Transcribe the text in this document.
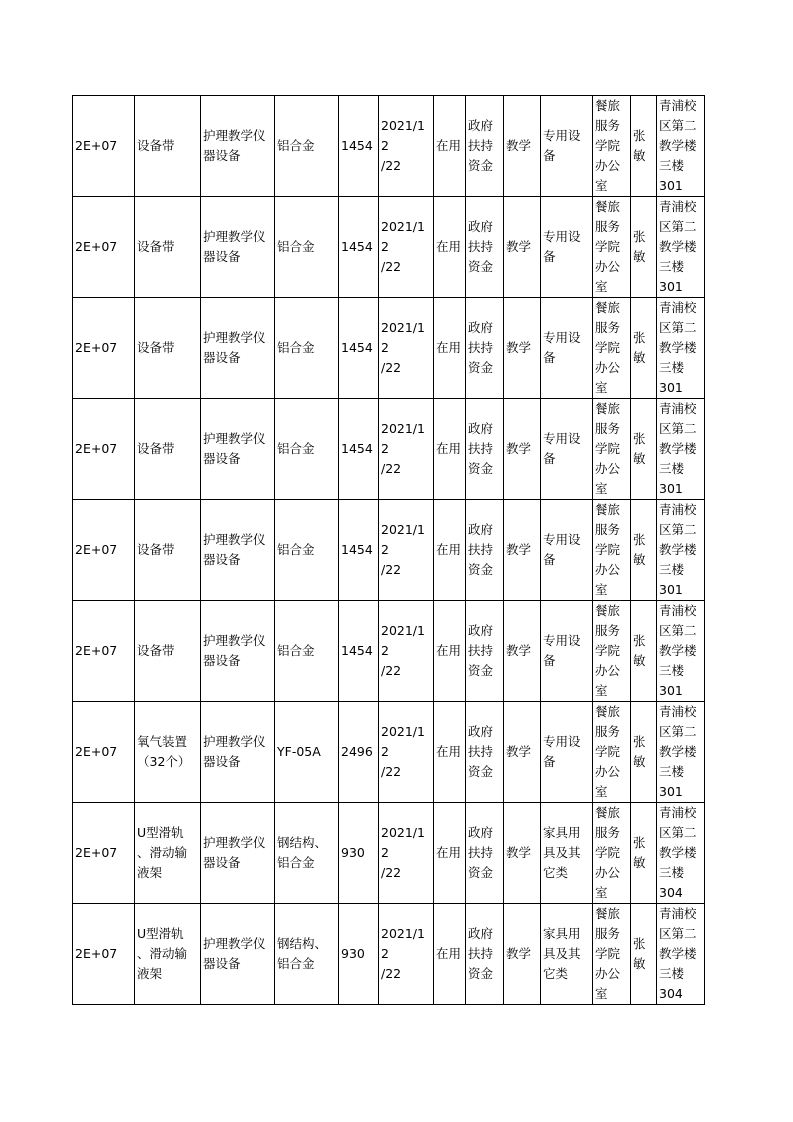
2E+07	设备带	护理教学仪
器设备	铝合金	1454	2021/12
/22	在用	政府
扶持
资金	教学	专用设
备	餐旅
服务
学院
办公
室	张
敏	青浦校
区第二
教学楼
三楼
301

2E+07	设备带	护理教学仪
器设备	铝合金	1454	2021/12
/22	在用	政府
扶持
资金	教学	专用设
备	餐旅
服务
学院
办公
室	张
敏	青浦校
区第二
教学楼
三楼
301

2E+07	设备带	护理教学仪
器设备	铝合金	1454	2021/12
/22	在用	政府
扶持
资金	教学	专用设
备	餐旅
服务
学院
办公
室	张
敏	青浦校
区第二
教学楼
三楼
301

2E+07	设备带	护理教学仪
器设备	铝合金	1454	2021/12
/22	在用	政府
扶持
资金	教学	专用设
备	餐旅
服务
学院
办公
室	张
敏	青浦校
区第二
教学楼
三楼
301

2E+07	设备带	护理教学仪
器设备	铝合金	1454	2021/12
/22	在用	政府
扶持
资金	教学	专用设
备	餐旅
服务
学院
办公
室	张
敏	青浦校
区第二
教学楼
三楼
301

2E+07	设备带	护理教学仪
器设备	铝合金	1454	2021/12
/22	在用	政府
扶持
资金	教学	专用设
备	餐旅
服务
学院
办公
室	张
敏	青浦校
区第二
教学楼
三楼
301

2E+07	氧气装置
（32个）	护理教学仪
器设备	YF-05A	2496	2021/12
/22	在用	政府
扶持
资金	教学	专用设
备	餐旅
服务
学院
办公
室	张
敏	青浦校
区第二
教学楼
三楼
301

2E+07	U型滑轨
、滑动输
液架	护理教学仪
器设备	钢结构、
铝合金	930	2021/12
/22	在用	政府
扶持
资金	教学	家具用
具及其
它类	餐旅
服务
学院
办公
室	张
敏	青浦校
区第二
教学楼
三楼
304

2E+07	U型滑轨
、滑动输
液架	护理教学仪
器设备	钢结构、
铝合金	930	2021/12
/22	在用	政府
扶持
资金	教学	家具用
具及其
它类	餐旅
服务
学院
办公
室	张
敏	青浦校
区第二
教学楼
三楼
304
